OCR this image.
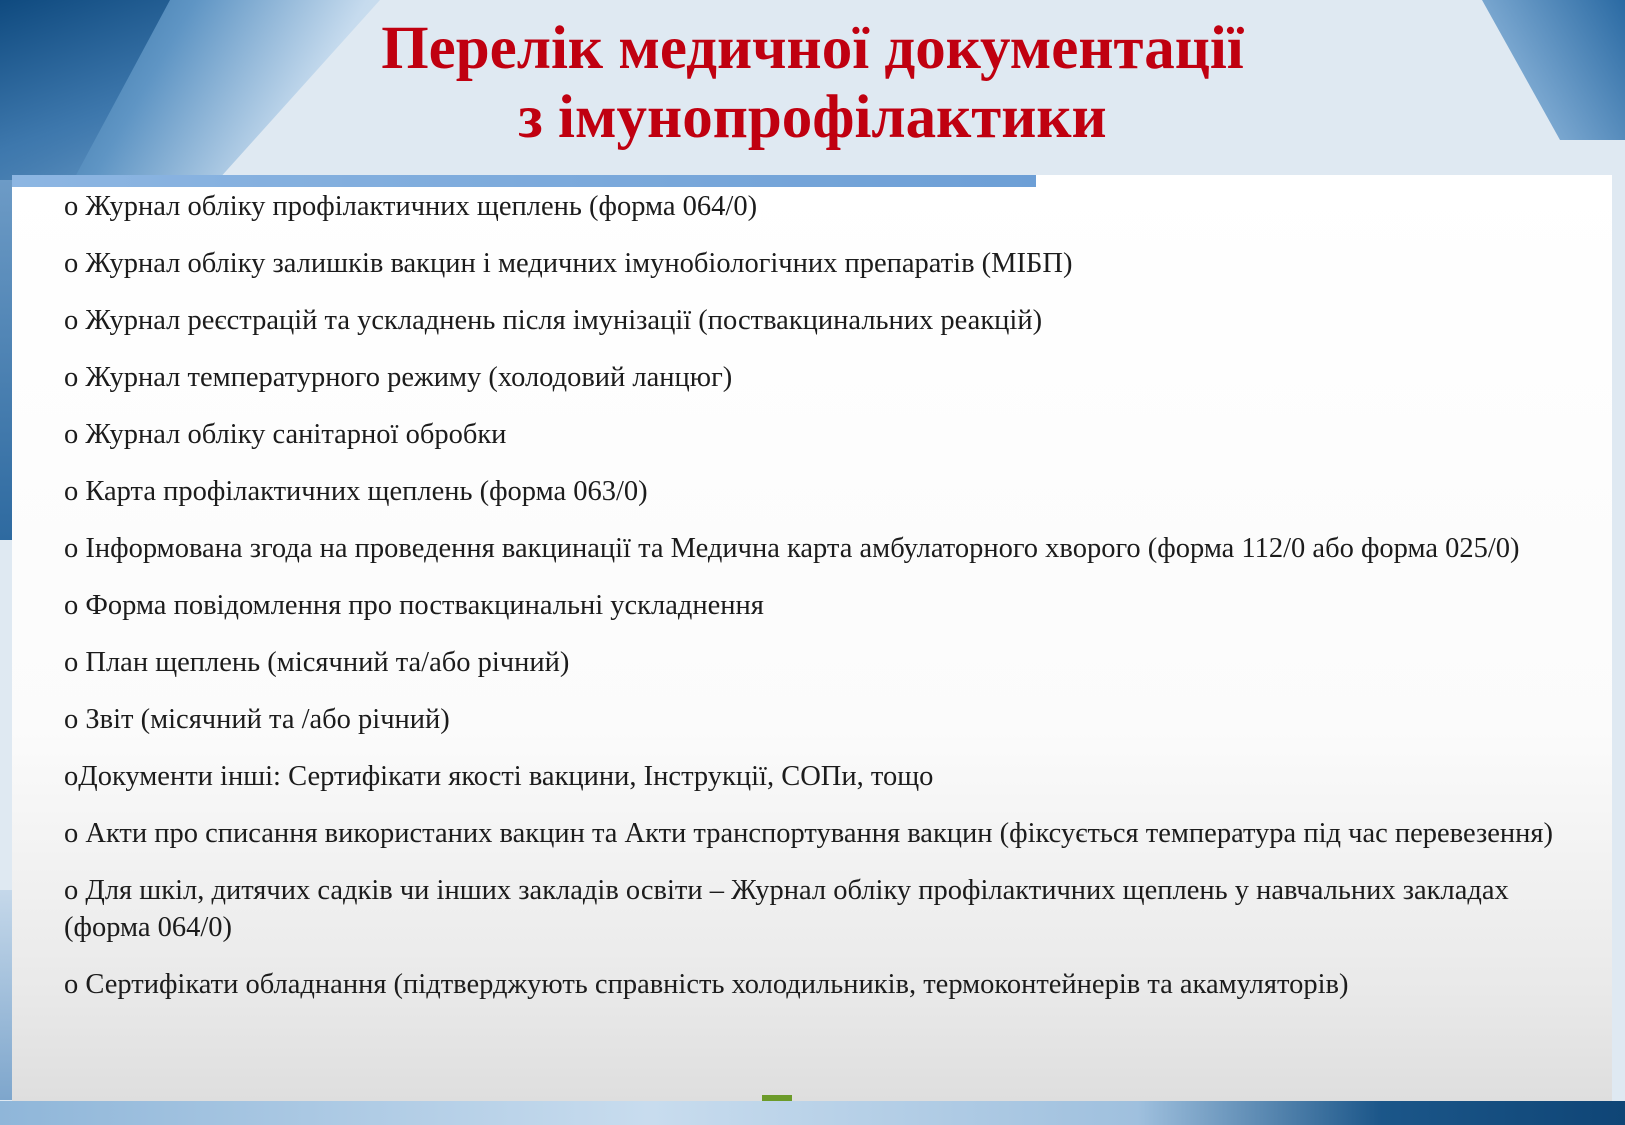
Перелік медичної документації
з імунопрофілактики
о Журнал обліку профілактичних щеплень (форма 064/0)
о Журнал обліку залишків вакцин і медичних імунобіологічних препаратів (МІБП)
о Журнал реєстрацій та ускладнень після імунізації (поствакцинальних реакцій)
о Журнал температурного режиму (холодовий ланцюг)
о Журнал обліку санітарної обробки
о Карта профілактичних щеплень (форма 063/0)
о Інформована згода на проведення вакцинації та Медична карта амбулаторного хворого (форма 112/0 або форма 025/0)
о Форма повідомлення про поствакцинальні ускладнення
о План щеплень (місячний та/або річний)
о Звіт (місячний та /або річний)
оДокументи інші: Сертифікати якості вакцини, Інструкції, СОПи, тощо
о Акти про списання використаних вакцин та Акти транспортування вакцин (фіксується температура під час перевезення)
о Для шкіл, дитячих садків чи інших закладів освіти – Журнал обліку профілактичних щеплень у навчальних закладах (форма 064/0)
о Сертифікати обладнання (підтверджують справність холодильників, термоконтейнерів та акамуляторів)
